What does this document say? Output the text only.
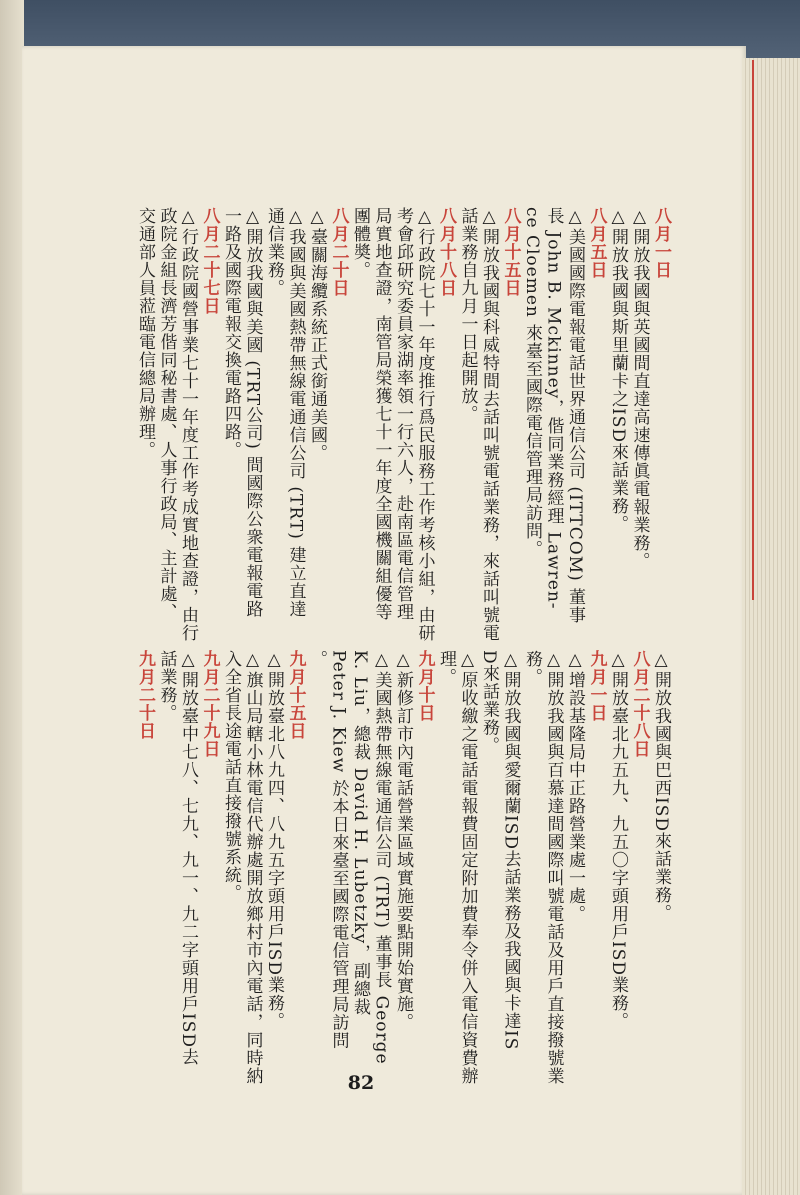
八月一日
△開放我國與英國間直達高速傳眞電報業務。
△開放我國與斯里蘭卡之ISD來話業務。
八月五日
△美國國際電報電話世界通信公司 (ITTCOM) 董事
長 John B. Mckinney，偕同業務經理 Lawren-
ce Cloemen 來臺至國際電信管理局訪問。
八月十五日
△開放我國與科威特間去話叫號電話業務，來話叫號電
話業務自九月一日起開放。
八月十八日
△行政院七十一年度推行爲民服務工作考核小組，由研
考會邱研究委員家湖率領一行六人，赴南區電信管理
局實地查證，南管局榮獲七十一年度全國機關組優等
團體奬。
八月二十日
△臺關海纜系統正式銜通美國。
△我國與美國熱帶無線電通信公司 (TRT) 建立直達
通信業務。
△開放我國與美國 (TRT公司) 間國際公衆電報電路
一路及國際電報交換電路四路。
八月二十七日
△行政院國營事業七十一年度工作考成實地查證，由行
政院金組長濟芳偕同秘書處、人事行政局、主計處、
交通部人員蒞臨電信總局辦理。
△開放我國與巴西ISD來話業務。
八月二十八日
△開放臺北九五九、九五〇字頭用戶ISD業務。
九月一日
△增設基隆局中正路營業處一處。
△開放我國與百慕達間國際叫號電話及用戶直接撥號業
務。
△開放我國與愛爾蘭ISD去話業務及我國與卡達IS
D來話業務。
△原收繳之電話電報費固定附加費奉令併入電信資費辦
理。
九月十日
△新修訂市內電話營業區域實施要點開始實施。
△美國熱帶無線電通信公司 (TRT) 董事長 George
K. Liu，總裁 David H. Lubetzky，副總裁
Peter J. Kiew 於本日來臺至國際電信管理局訪問
。
九月十五日
△開放臺北八九四、八九五字頭用戶ISD業務。
△旗山局轄小林電信代辦處開放鄉村市內電話，同時納
入全省長途電話直接撥號系統。
九月二十九日
△開放臺中七八、七九、九一、九二字頭用戶ISD去
話業務。
九月二十日
82
